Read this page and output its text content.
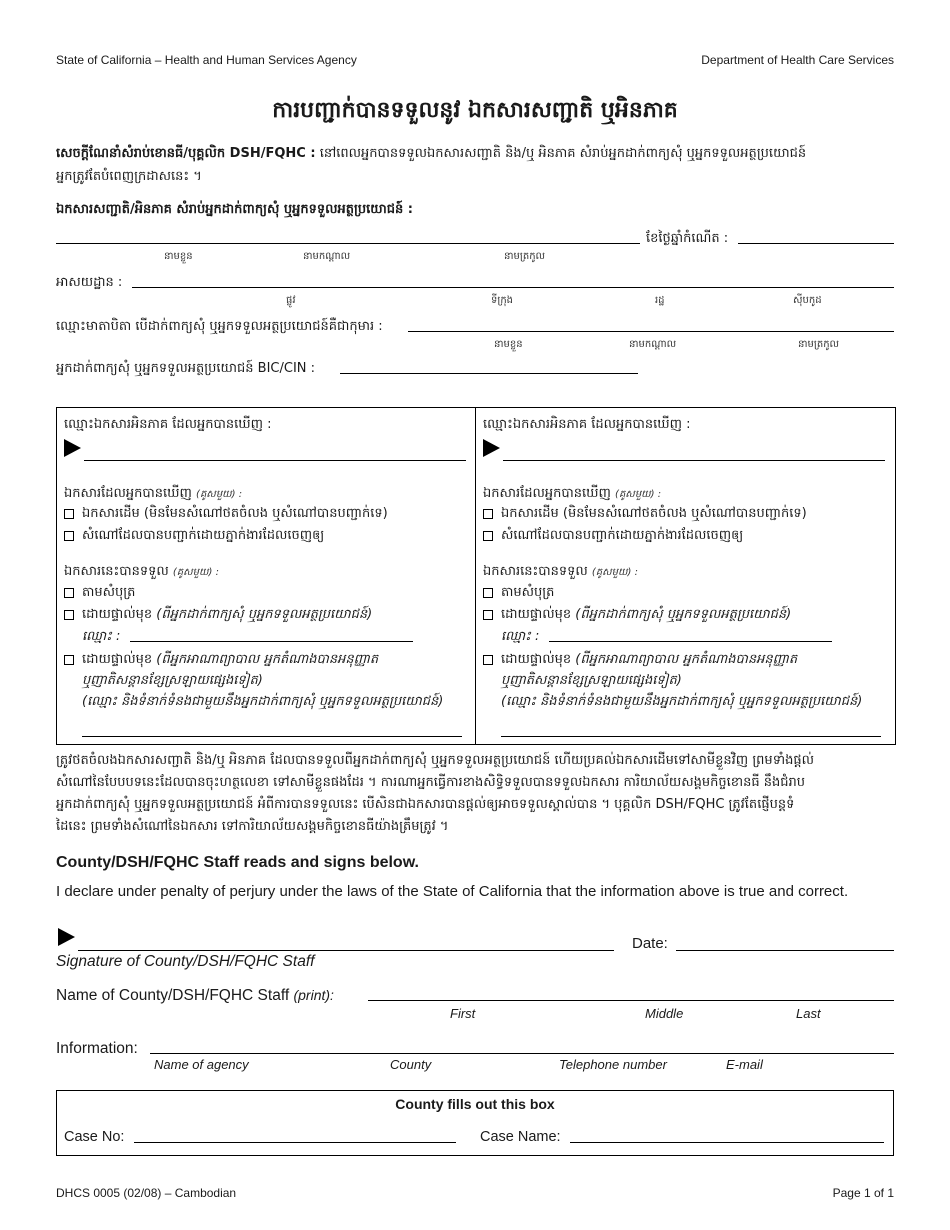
State of California – Health and Human Services Agency	Department of Health Care Services
ការបញ្ជាក់បានទទួលនូវ ឯកសារសញ្ជាតិ ឬអិនភាគ
សេចក្តីណែនាំសំរាប់ខោនធី/បុគ្គលិក DSH/FQHC : នៅពេលអ្នកបានទទួលឯកសារសញ្ជាតិ និង/ឬ អិនភាគ សំរាប់អ្នកដាក់ពាក្យសុំ ឬអ្នកទទួលអត្ថប្រយោជន៍
អ្នកត្រូវតែបំពេញក្រដាសនេះ ។
ឯកសារសញ្ជាតិ/អិនភាគ សំរាប់អ្នកដាក់ពាក្យសុំ ឬអ្នកទទួលអត្ថប្រយោជន៍ :
ខែថ្ងៃឆ្នាំកំណើត :
នាមខ្លួន	នាមកណ្តាល	នាមត្រកូល
អាសយដ្ឋាន :
ផ្លូវ	ទីក្រុង	រដ្ឋ	ស៊ីបកូដ
ឈ្មោះមាតាបិតា បើដាក់ពាក្យសុំ ឬអ្នកទទួលអត្ថប្រយោជន៍គឺជាកុមារ :
នាមខ្លួន	នាមកណ្តាល	នាមត្រកូល
អ្នកដាក់ពាក្យសុំ ឬអ្នកទទួលអត្ថប្រយោជន៍ BIC/CIN :
ឈ្មោះឯកសារអិនភាគ ដែលអ្នកបានឃើញ :
ឯកសារដែលអ្នកបានឃើញ (គូសមួយ) :
ឯកសារដើម (មិនមែនសំណៅថតចំលង ឬសំណៅបានបញ្ជាក់ទេ)
សំណៅដែលបានបញ្ជាក់ដោយភ្នាក់ងារដែលចេញឲ្យ
ឯកសារនេះបានទទួល (គូសមួយ) :
តាមសំបុត្រ
ដោយផ្ទាល់មុខ (ពីអ្នកដាក់ពាក្យសុំ ឬអ្នកទទួលអត្ថប្រយោជន៍)
ឈ្មោះ :
ដោយផ្ទាល់មុខ (ពីអ្នកអាណាព្យាបាល អ្នកតំណាងបានអនុញ្ញាត
ឬញាតិសន្តានខ្សែស្រឡាយផ្សេងទៀត)
(ឈ្មោះ និងទំនាក់ទំនងជាមួយនឹងអ្នកដាក់ពាក្យសុំ ឬអ្នកទទួលអត្ថប្រយោជន៍)
ឈ្មោះឯកសារអិនភាគ ដែលអ្នកបានឃើញ :
ឯកសារដែលអ្នកបានឃើញ (គូសមួយ) :
ឯកសារដើម (មិនមែនសំណៅថតចំលង ឬសំណៅបានបញ្ជាក់ទេ)
សំណៅដែលបានបញ្ជាក់ដោយភ្នាក់ងារដែលចេញឲ្យ
ឯកសារនេះបានទទួល (គូសមួយ) :
តាមសំបុត្រ
ដោយផ្ទាល់មុខ (ពីអ្នកដាក់ពាក្យសុំ ឬអ្នកទទួលអត្ថប្រយោជន៍)
ឈ្មោះ :
ដោយផ្ទាល់មុខ (ពីអ្នកអាណាព្យាបាល អ្នកតំណាងបានអនុញ្ញាត
ឬញាតិសន្តានខ្សែស្រឡាយផ្សេងទៀត)
(ឈ្មោះ និងទំនាក់ទំនងជាមួយនឹងអ្នកដាក់ពាក្យសុំ ឬអ្នកទទួលអត្ថប្រយោជន៍)
ត្រូវថតចំលងឯកសារសញ្ជាតិ និង/ឬ អិនភាគ ដែលបានទទួលពីអ្នកដាក់ពាក្យសុំ ឬអ្នកទទួលអត្ថប្រយោជន៍ ហើយប្រគល់ឯកសារដើមទៅសាមីខ្លួនវិញ ព្រមទាំងផ្តល់
សំណៅនៃបែបបទនេះដែលបានចុះហត្ថលេខា ទៅសាមីខ្លួនផងដែរ ។ ការណាអ្នកធ្វើការខាងសិទ្ធិទទួលបានទទួលឯកសារ ការិយាល័យសង្គមកិច្ចខោនធី នឹងជំរាប
អ្នកដាក់ពាក្យសុំ ឬអ្នកទទួលអត្ថប្រយោជន៍ អំពីការបានទទួលនេះ បើសិនជាឯកសារបានផ្តល់ឲ្យអាចទទួលស្គាល់បាន ។ បុគ្គលិក DSH/FQHC ត្រូវតែផ្ញើបន្តទំ
ដៃនេះ ព្រមទាំងសំណៅនៃឯកសារ ទៅការិយាល័យសង្គមកិច្ចខោនធីយ៉ាងត្រឹមត្រូវ ។
County/DSH/FQHC Staff reads and signs below.
I declare under penalty of perjury under the laws of the State of California that the information above is true and correct.
Date:
Signature of County/DSH/FQHC Staff
Name of County/DSH/FQHC Staff (print):
First	Middle	Last
Information:
Name of agency	County	Telephone number	E-mail
County fills out this box
Case No:	Case Name:
DHCS 0005 (02/08) – Cambodian	Page 1 of 1
